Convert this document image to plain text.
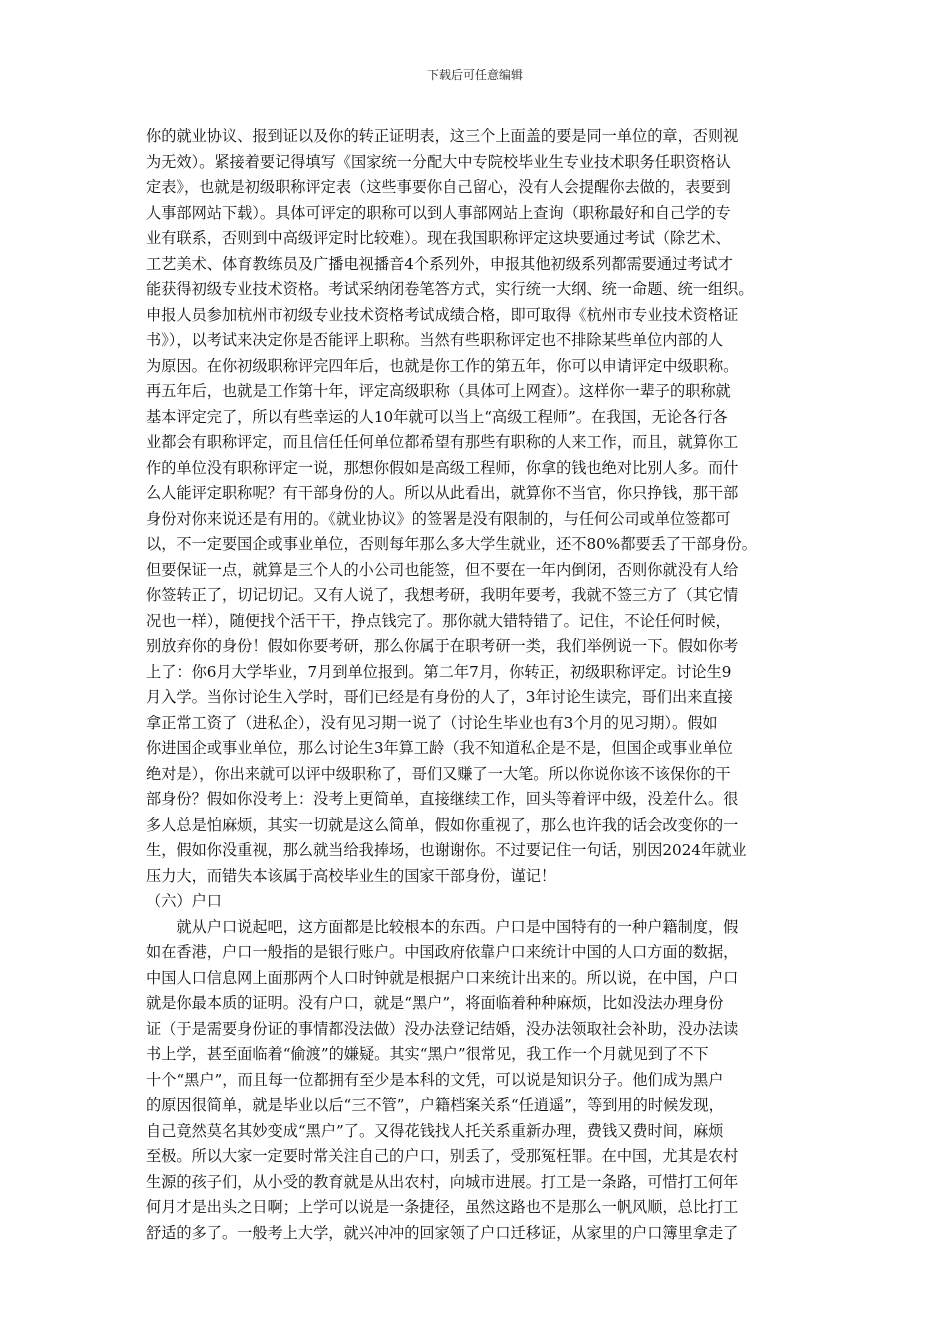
下载后可任意编辑
你的就业协议、报到证以及你的转正证明表，这三个上面盖的要是同一单位的章，否则视
为无效）。紧接着要记得填写《国家统一分配大中专院校毕业生专业技术职务任职资格认
定表》，也就是初级职称评定表（这些事要你自己留心，没有人会提醒你去做的，表要到
人事部网站下载）。具体可评定的职称可以到人事部网站上查询（职称最好和自己学的专
业有联系，否则到中高级评定时比较难）。现在我国职称评定这块要通过考试（除艺术、
工艺美术、体育教练员及广播电视播音4个系列外，申报其他初级系列都需要通过考试才
能获得初级专业技术资格。考试采纳闭卷笔答方式，实行统一大纲、统一命题、统一组织。
申报人员参加杭州市初级专业技术资格考试成绩合格，即可取得《杭州市专业技术资格证
书》），以考试来决定你是否能评上职称。当然有些职称评定也不排除某些单位内部的人
为原因。在你初级职称评完四年后，也就是你工作的第五年，你可以申请评定中级职称。
再五年后，也就是工作第十年，评定高级职称（具体可上网查）。这样你一辈子的职称就
基本评定完了，所以有些幸运的人10年就可以当上“高级工程师”。在我国，无论各行各
业都会有职称评定，而且信任任何单位都希望有那些有职称的人来工作，而且，就算你工
作的单位没有职称评定一说，那想你假如是高级工程师，你拿的钱也绝对比别人多。而什
么人能评定职称呢？有干部身份的人。所以从此看出，就算你不当官，你只挣钱，那干部
身份对你来说还是有用的。《就业协议》的签署是没有限制的，与任何公司或单位签都可
以，不一定要国企或事业单位，否则每年那么多大学生就业，还不80%都要丢了干部身份。
但要保证一点，就算是三个人的小公司也能签，但不要在一年内倒闭，否则你就没有人给
你签转正了，切记切记。又有人说了，我想考研，我明年要考，我就不签三方了（其它情
况也一样），随便找个活干干，挣点钱完了。那你就大错特错了。记住，不论任何时候，
别放弃你的身份！假如你要考研，那么你属于在职考研一类，我们举例说一下。假如你考
上了：你6月大学毕业，7月到单位报到。第二年7月，你转正，初级职称评定。讨论生9
月入学。当你讨论生入学时，哥们已经是有身份的人了，3年讨论生读完，哥们出来直接
拿正常工资了（进私企），没有见习期一说了（讨论生毕业也有3个月的见习期）。假如
你进国企或事业单位，那么讨论生3年算工龄（我不知道私企是不是，但国企或事业单位
绝对是），你出来就可以评中级职称了，哥们又赚了一大笔。所以你说你该不该保你的干
部身份？假如你没考上：没考上更简单，直接继续工作，回头等着评中级，没差什么。很
多人总是怕麻烦，其实一切就是这么简单，假如你重视了，那么也许我的话会改变你的一
生，假如你没重视，那么就当给我捧场，也谢谢你。不过要记住一句话，别因2024年就业
压力大，而错失本该属于高校毕业生的国家干部身份，谨记！
（六）户口
　　就从户口说起吧，这方面都是比较根本的东西。户口是中国特有的一种户籍制度，假
如在香港，户口一般指的是银行账户。中国政府依靠户口来统计中国的人口方面的数据，
中国人口信息网上面那两个人口时钟就是根据户口来统计出来的。所以说，在中国，户口
就是你最本质的证明。没有户口，就是“黑户”，将面临着种种麻烦，比如没法办理身份
证（于是需要身份证的事情都没法做）没办法登记结婚，没办法领取社会补助，没办法读
书上学，甚至面临着“偷渡”的嫌疑。其实“黑户”很常见，我工作一个月就见到了不下
十个“黑户”，而且每一位都拥有至少是本科的文凭，可以说是知识分子。他们成为黑户
的原因很简单，就是毕业以后“三不管”，户籍档案关系“任逍遥”，等到用的时候发现，
自己竟然莫名其妙变成“黑户”了。又得花钱找人托关系重新办理，费钱又费时间，麻烦
至极。所以大家一定要时常关注自己的户口，别丢了，受那冤枉罪。在中国，尤其是农村
生源的孩子们，从小受的教育就是从出农村，向城市进展。打工是一条路，可惜打工何年
何月才是出头之日啊；上学可以说是一条捷径，虽然这路也不是那么一帆风顺，总比打工
舒适的多了。一般考上大学，就兴冲冲的回家领了户口迁移证，从家里的户口簿里拿走了
